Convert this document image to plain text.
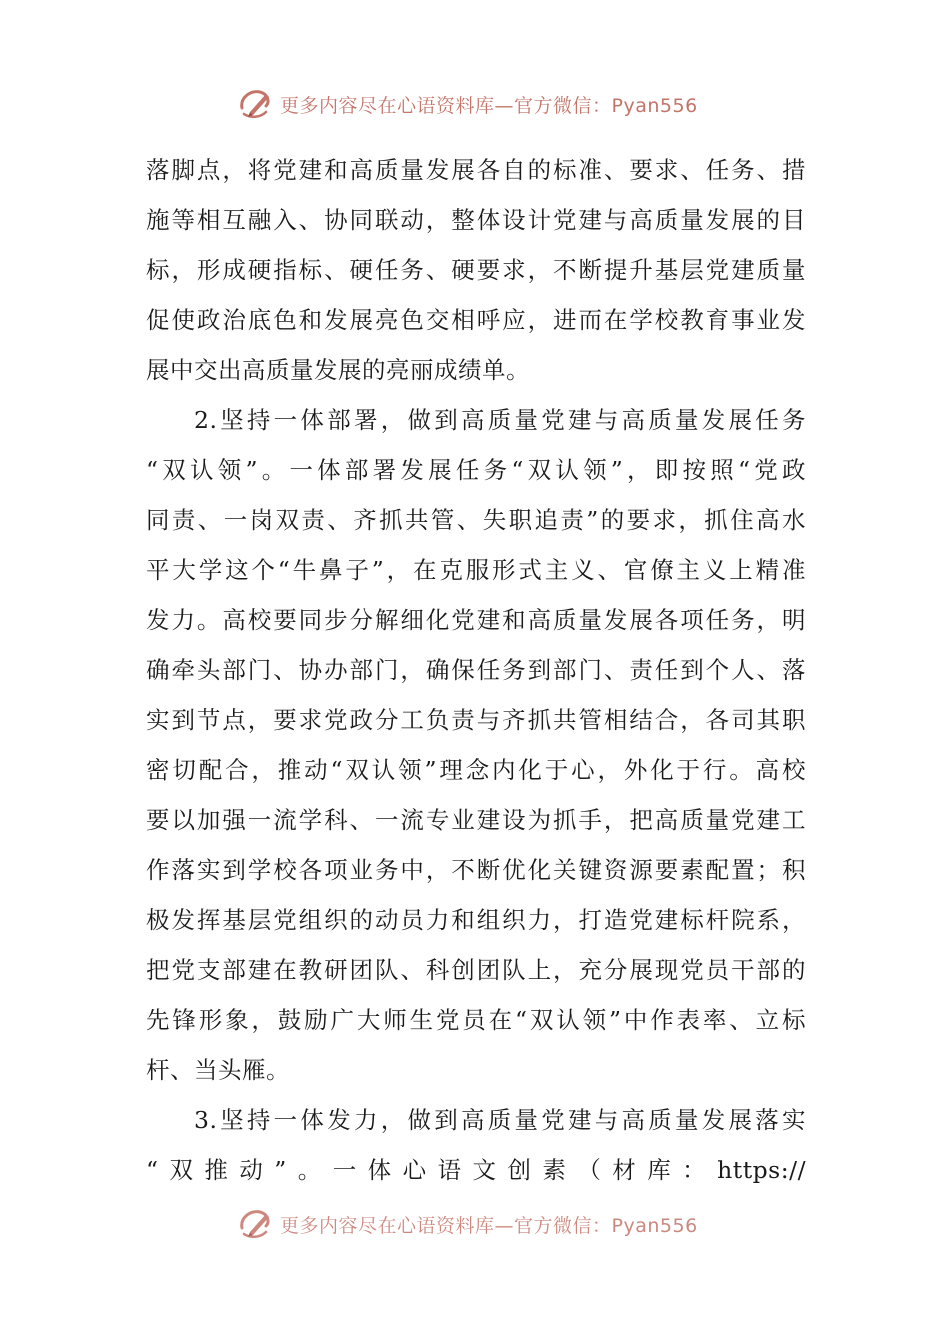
更多内容尽在心语资料库—官方微信：Pyan556
落脚点，将党建和高质量发展各自的标准、要求、任务、措
施等相互融入、协同联动，整体设计党建与高质量发展的目
标，形成硬指标、硬任务、硬要求，不断提升基层党建质量
促使政治底色和发展亮色交相呼应，进而在学校教育事业发
展中交出高质量发展的亮丽成绩单。
2.坚持一体部署，做到高质量党建与高质量发展任务
“双认领”。一体部署发展任务“双认领”，即按照“党政
同责、一岗双责、齐抓共管、失职追责”的要求，抓住高水
平大学这个“牛鼻子”，在克服形式主义、官僚主义上精准
发力。高校要同步分解细化党建和高质量发展各项任务，明
确牵头部门、协办部门，确保任务到部门、责任到个人、落
实到节点，要求党政分工负责与齐抓共管相结合，各司其职
密切配合，推动“双认领”理念内化于心，外化于行。高校
要以加强一流学科、一流专业建设为抓手，把高质量党建工
作落实到学校各项业务中，不断优化关键资源要素配置；积
极发挥基层党组织的动员力和组织力，打造党建标杆院系，
把党支部建在教研团队、科创团队上，充分展现党员干部的
先锋形象，鼓励广大师生党员在“双认领”中作表率、立标
杆、当头雁。
3.坚持一体发力，做到高质量党建与高质量发展落实
“双推动”。一体心语文创素（材库：https://
更多内容尽在心语资料库—官方微信：Pyan556
